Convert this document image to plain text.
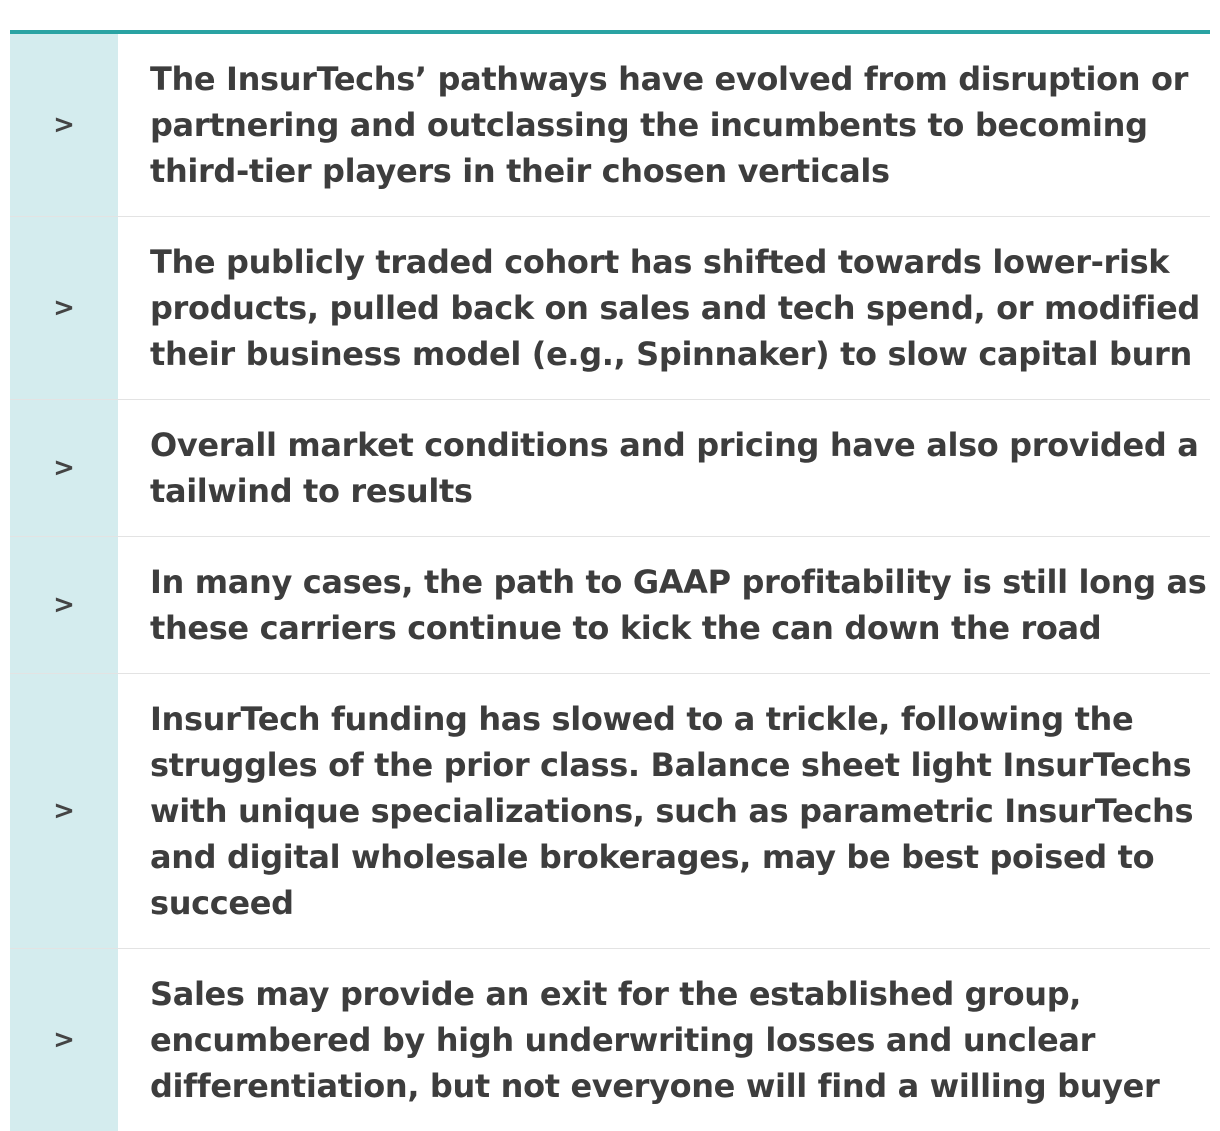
>
The InsurTechs’ pathways have evolved from disruption or partnering and outclassing the incumbents to becoming third-tier players in their chosen verticals
>
The publicly traded cohort has shifted towards lower-risk products, pulled back on sales and tech spend, or modified their business model (e.g., Spinnaker) to slow capital burn
>
Overall market conditions and pricing have also provided a tailwind to results
>
In many cases, the path to GAAP profitability is still long as these carriers continue to kick the can down the road
>
InsurTech funding has slowed to a trickle, following the struggles of the prior class. Balance sheet light InsurTechs with unique specializations, such as parametric InsurTechs and digital wholesale brokerages, may be best poised to succeed
>
Sales may provide an exit for the established group, encumbered by high underwriting losses and unclear differentiation, but not everyone will find a willing buyer
